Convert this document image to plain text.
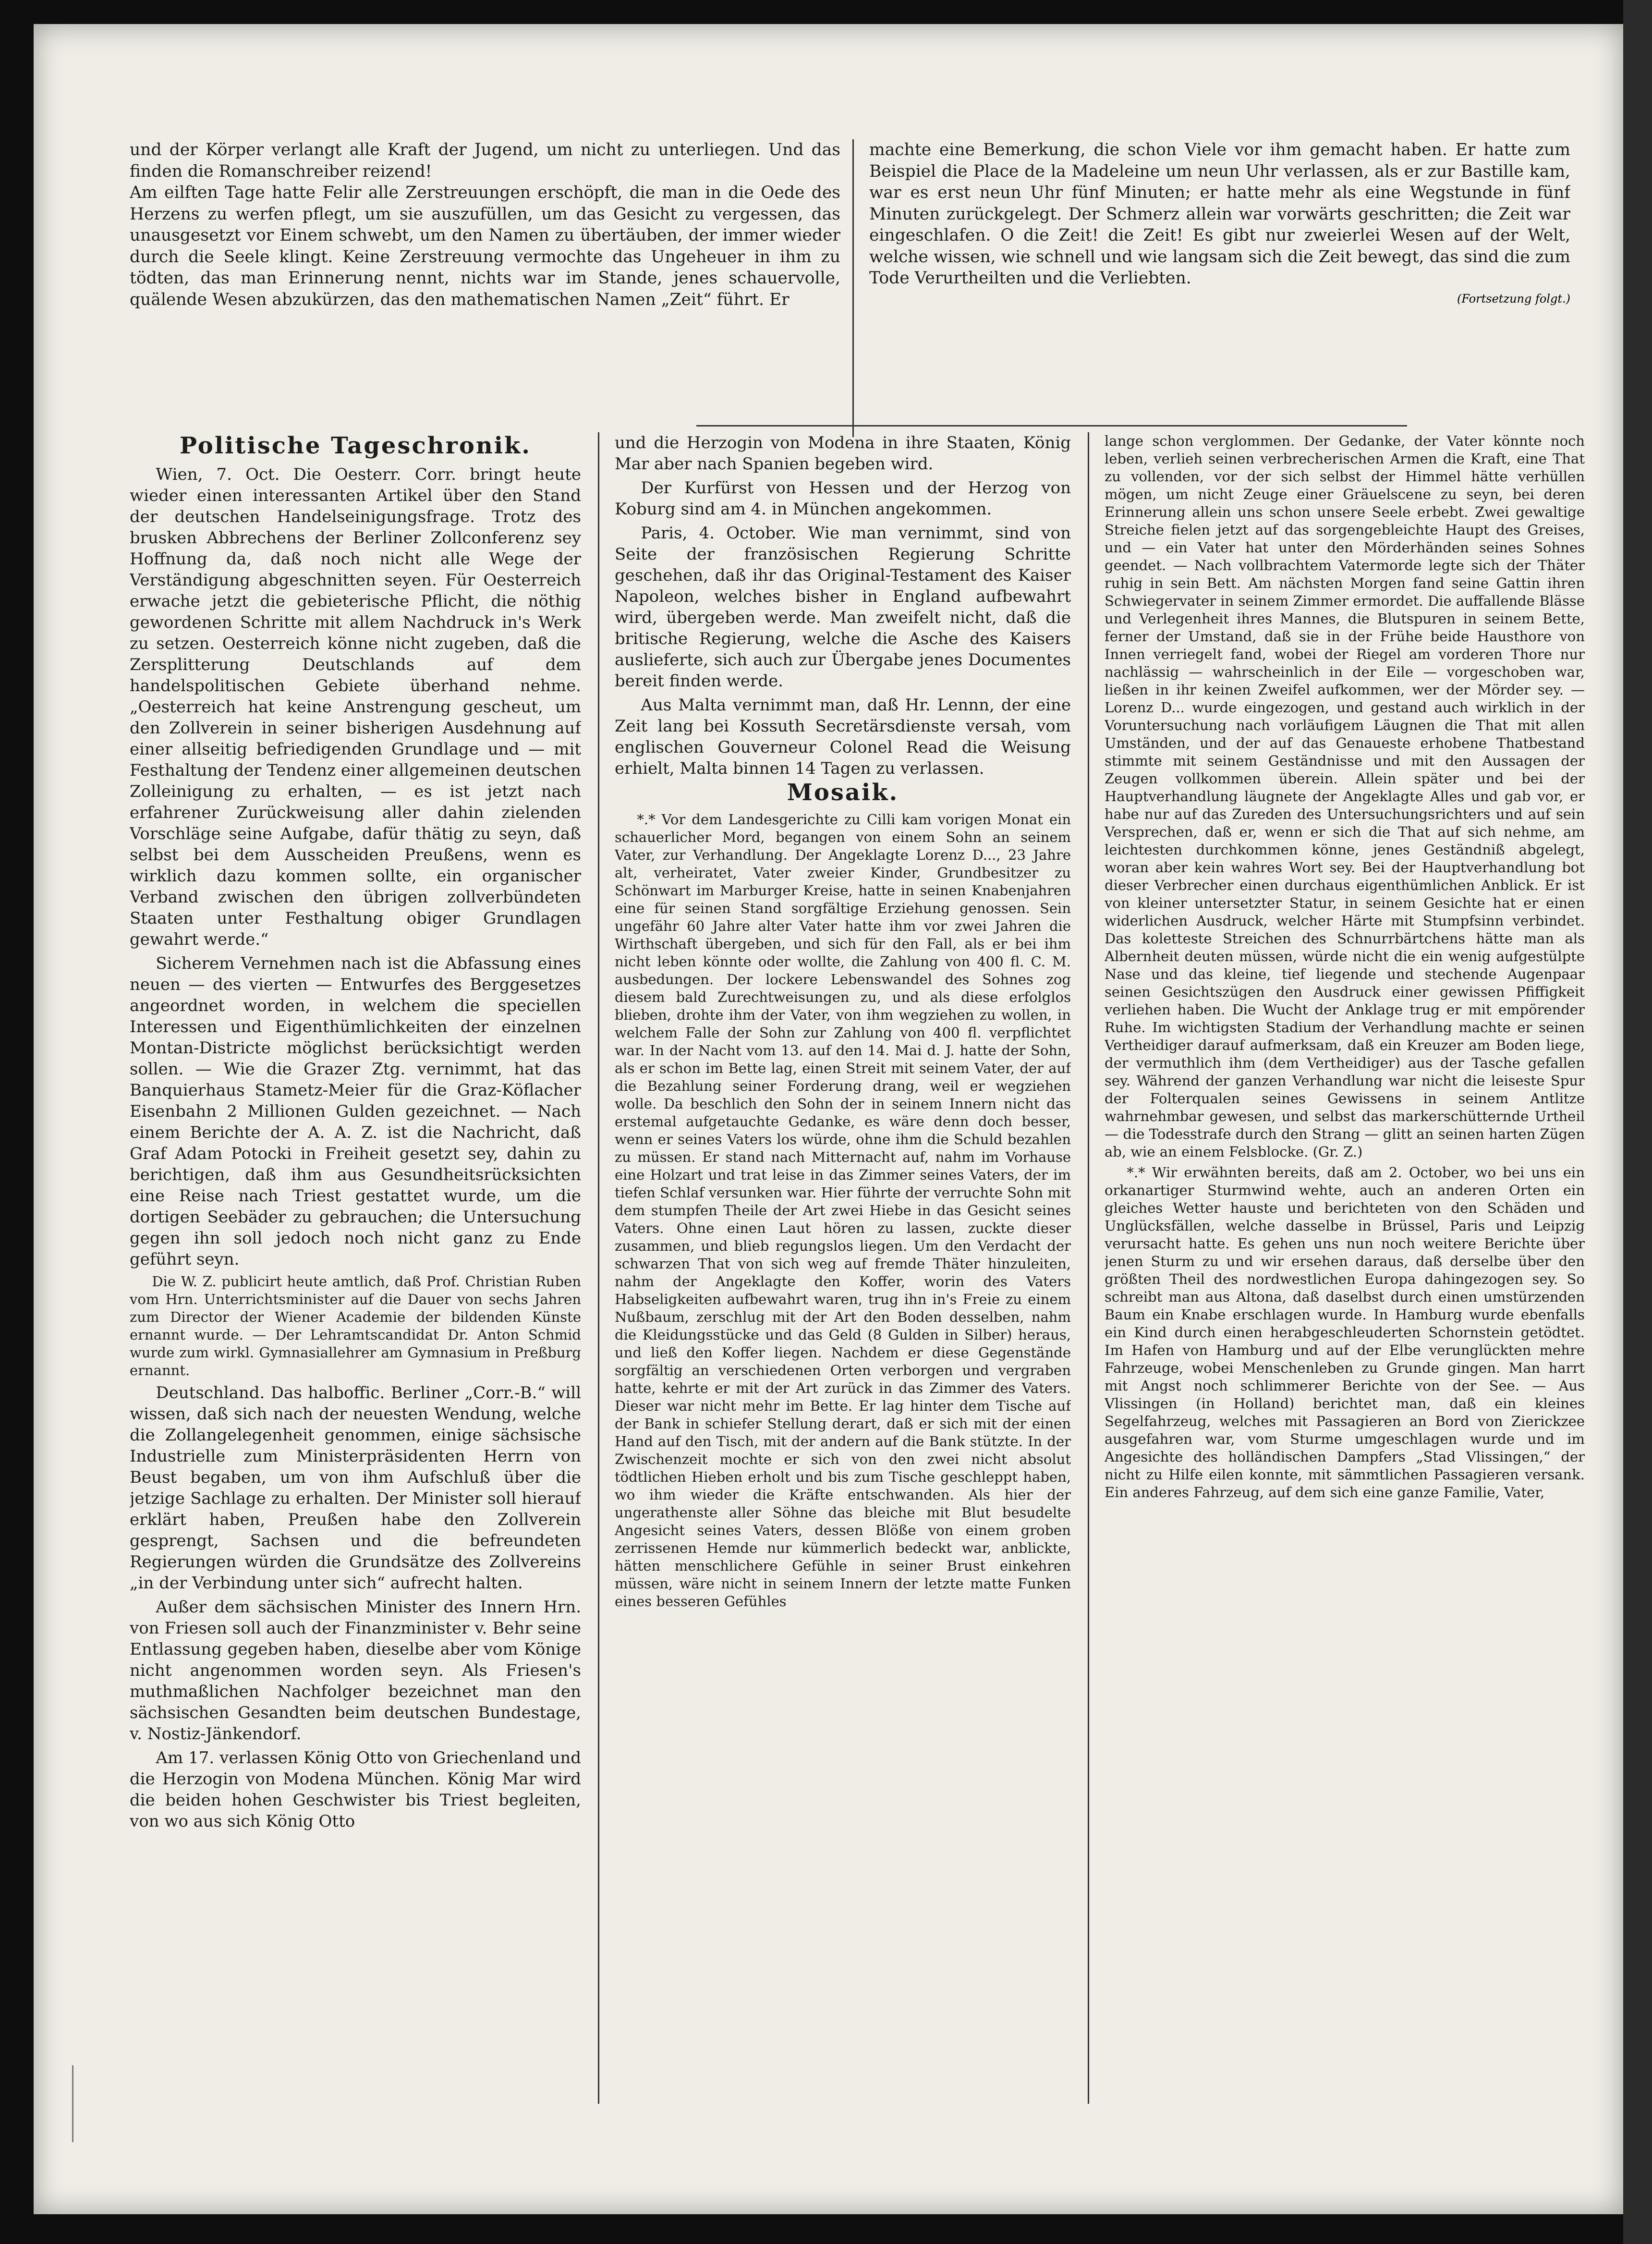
und der Körper verlangt alle Kraft der Jugend, um nicht zu unterliegen. Und das finden die Romanschreiber reizend!
Am eilften Tage hatte Felir alle Zerstreuungen erschöpft, die man in die Oede des Herzens zu werfen pflegt, um sie auszufüllen, um das Gesicht zu vergessen, das unausgesetzt vor Einem schwebt, um den Namen zu übertäuben, der immer wieder durch die Seele klingt. Keine Zerstreuung vermochte das Ungeheuer in ihm zu tödten, das man Erinnerung nennt, nichts war im Stande, jenes schauervolle, quälende Wesen abzukürzen, das den mathematischen Namen „Zeit“ führt. Er

machte eine Bemerkung, die schon Viele vor ihm gemacht haben. Er hatte zum Beispiel die Place de la Madeleine um neun Uhr verlassen, als er zur Bastille kam, war es erst neun Uhr fünf Minuten; er hatte mehr als eine Wegstunde in fünf Minuten zurückgelegt. Der Schmerz allein war vorwärts geschritten; die Zeit war eingeschlafen. O die Zeit! die Zeit! Es gibt nur zweierlei Wesen auf der Welt, welche wissen, wie schnell und wie langsam sich die Zeit bewegt, das sind die zum Tode Verurtheilten und die Verliebten.

(Fortsetzung folgt.)
Politische Tageschronik.

Wien, 7. Oct. Die Oesterr. Corr. bringt heute wieder einen interessanten Artikel über den Stand der deutschen Handelseinigungsfrage. Trotz des brusken Abbrechens der Berliner Zollconferenz sey Hoffnung da, daß noch nicht alle Wege der Verständigung abgeschnitten seyen. Für Oesterreich erwache jetzt die gebieterische Pflicht, die nöthig gewordenen Schritte mit allem Nachdruck in's Werk zu setzen. Oesterreich könne nicht zugeben, daß die Zersplitterung Deutschlands auf dem handelspolitischen Gebiete überhand nehme. „Oesterreich hat keine Anstrengung gescheut, um den Zollverein in seiner bisherigen Ausdehnung auf einer allseitig befriedigenden Grundlage und — mit Festhaltung der Tendenz einer allgemeinen deutschen Zolleinigung zu erhalten, — es ist jetzt nach erfahrener Zurückweisung aller dahin zielenden Vorschläge seine Aufgabe, dafür thätig zu seyn, daß selbst bei dem Ausscheiden Preußens, wenn es wirklich dazu kommen sollte, ein organischer Verband zwischen den übrigen zollverbündeten Staaten unter Festhaltung obiger Grundlagen gewahrt werde.“

Sicherem Vernehmen nach ist die Abfassung eines neuen — des vierten — Entwurfes des Berggesetzes angeordnet worden, in welchem die speciellen Interessen und Eigenthümlichkeiten der einzelnen Montan-Districte möglichst berücksichtigt werden sollen. — Wie die Grazer Ztg. vernimmt, hat das Banquierhaus Stametz-Meier für die Graz-Köflacher Eisenbahn 2 Millionen Gulden gezeichnet. — Nach einem Berichte der A. A. Z. ist die Nachricht, daß Graf Adam Potocki in Freiheit gesetzt sey, dahin zu berichtigen, daß ihm aus Gesundheitsrücksichten eine Reise nach Triest gestattet wurde, um die dortigen Seebäder zu gebrauchen; die Untersuchung gegen ihn soll jedoch noch nicht ganz zu Ende geführt seyn.

Die W. Z. publicirt heute amtlich, daß Prof. Christian Ruben vom Hrn. Unterrichtsminister auf die Dauer von sechs Jahren zum Director der Wiener Academie der bildenden Künste ernannt wurde. — Der Lehramtscandidat Dr. Anton Schmid wurde zum wirkl. Gymnasiallehrer am Gymnasium in Preßburg ernannt.

Deutschland. Das halboffic. Berliner „Corr.-B.“ will wissen, daß sich nach der neuesten Wendung, welche die Zollangelegenheit genommen, einige sächsische Industrielle zum Ministerpräsidenten Herrn von Beust begaben, um von ihm Aufschluß über die jetzige Sachlage zu erhalten. Der Minister soll hierauf erklärt haben, Preußen habe den Zollverein gesprengt, Sachsen und die befreundeten Regierungen würden die Grundsätze des Zollvereins „in der Verbindung unter sich“ aufrecht halten.

Außer dem sächsischen Minister des Innern Hrn. von Friesen soll auch der Finanzminister v. Behr seine Entlassung gegeben haben, dieselbe aber vom Könige nicht angenommen worden seyn. Als Friesen's muthmaßlichen Nachfolger bezeichnet man den sächsischen Gesandten beim deutschen Bundestage, v. Nostiz-Jänkendorf.

Am 17. verlassen König Otto von Griechenland und die Herzogin von Modena München. König Mar wird die beiden hohen Geschwister bis Triest begleiten, von wo aus sich König Otto

und die Herzogin von Modena in ihre Staaten, König Mar aber nach Spanien begeben wird.

Der Kurfürst von Hessen und der Herzog von Koburg sind am 4. in München angekommen.

Paris, 4. October. Wie man vernimmt, sind von Seite der französischen Regierung Schritte geschehen, daß ihr das Original-Testament des Kaiser Napoleon, welches bisher in England aufbewahrt wird, übergeben werde. Man zweifelt nicht, daß die britische Regierung, welche die Asche des Kaisers auslieferte, sich auch zur Übergabe jenes Documentes bereit finden werde.

Aus Malta vernimmt man, daß Hr. Lennn, der eine Zeit lang bei Kossuth Secretärsdienste versah, vom englischen Gouverneur Colonel Read die Weisung erhielt, Malta binnen 14 Tagen zu verlassen.

Mosaik.

*.* Vor dem Landesgerichte zu Cilli kam vorigen Monat ein schauerlicher Mord, begangen von einem Sohn an seinem Vater, zur Verhandlung. Der Angeklagte Lorenz D..., 23 Jahre alt, verheiratet, Vater zweier Kinder, Grundbesitzer zu Schönwart im Marburger Kreise, hatte in seinen Knabenjahren eine für seinen Stand sorgfältige Erziehung genossen. Sein ungefähr 60 Jahre alter Vater hatte ihm vor zwei Jahren die Wirthschaft übergeben, und sich für den Fall, als er bei ihm nicht leben könnte oder wollte, die Zahlung von 400 fl. C. M. ausbedungen. Der lockere Lebenswandel des Sohnes zog diesem bald Zurechtweisungen zu, und als diese erfolglos blieben, drohte ihm der Vater, von ihm wegziehen zu wollen, in welchem Falle der Sohn zur Zahlung von 400 fl. verpflichtet war. In der Nacht vom 13. auf den 14. Mai d. J. hatte der Sohn, als er schon im Bette lag, einen Streit mit seinem Vater, der auf die Bezahlung seiner Forderung drang, weil er wegziehen wolle. Da beschlich den Sohn der in seinem Innern nicht das erstemal aufgetauchte Gedanke, es wäre denn doch besser, wenn er seines Vaters los würde, ohne ihm die Schuld bezahlen zu müssen. Er stand nach Mitternacht auf, nahm im Vorhause eine Holzart und trat leise in das Zimmer seines Vaters, der im tiefen Schlaf versunken war. Hier führte der verruchte Sohn mit dem stumpfen Theile der Art zwei Hiebe in das Gesicht seines Vaters. Ohne einen Laut hören zu lassen, zuckte dieser zusammen, und blieb regungslos liegen. Um den Verdacht der schwarzen That von sich weg auf fremde Thäter hinzuleiten, nahm der Angeklagte den Koffer, worin des Vaters Habseligkeiten aufbewahrt waren, trug ihn in's Freie zu einem Nußbaum, zerschlug mit der Art den Boden desselben, nahm die Kleidungsstücke und das Geld (8 Gulden in Silber) heraus, und ließ den Koffer liegen. Nachdem er diese Gegenstände sorgfältig an verschiedenen Orten verborgen und vergraben hatte, kehrte er mit der Art zurück in das Zimmer des Vaters. Dieser war nicht mehr im Bette. Er lag hinter dem Tische auf der Bank in schiefer Stellung derart, daß er sich mit der einen Hand auf den Tisch, mit der andern auf die Bank stützte. In der Zwischenzeit mochte er sich von den zwei nicht absolut tödtlichen Hieben erholt und bis zum Tische geschleppt haben, wo ihm wieder die Kräfte entschwanden. Als hier der ungerathenste aller Söhne das bleiche mit Blut besudelte Angesicht seines Vaters, dessen Blöße von einem groben zerrissenen Hemde nur kümmerlich bedeckt war, anblickte, hätten menschlichere Gefühle in seiner Brust einkehren müssen, wäre nicht in seinem Innern der letzte matte Funken eines besseren Gefühles

lange schon verglommen. Der Gedanke, der Vater könnte noch leben, verlieh seinen verbrecherischen Armen die Kraft, eine That zu vollenden, vor der sich selbst der Himmel hätte verhüllen mögen, um nicht Zeuge einer Gräuelscene zu seyn, bei deren Erinnerung allein uns schon unsere Seele erbebt. Zwei gewaltige Streiche fielen jetzt auf das sorgengebleichte Haupt des Greises, und — ein Vater hat unter den Mörderhänden seines Sohnes geendet. — Nach vollbrachtem Vatermorde legte sich der Thäter ruhig in sein Bett. Am nächsten Morgen fand seine Gattin ihren Schwiegervater in seinem Zimmer ermordet. Die auffallende Blässe und Verlegenheit ihres Mannes, die Blutspuren in seinem Bette, ferner der Umstand, daß sie in der Frühe beide Hausthore von Innen verriegelt fand, wobei der Riegel am vorderen Thore nur nachlässig — wahrscheinlich in der Eile — vorgeschoben war, ließen in ihr keinen Zweifel aufkommen, wer der Mörder sey. — Lorenz D... wurde eingezogen, und gestand auch wirklich in der Voruntersuchung nach vorläufigem Läugnen die That mit allen Umständen, und der auf das Genaueste erhobene Thatbestand stimmte mit seinem Geständnisse und mit den Aussagen der Zeugen vollkommen überein. Allein später und bei der Hauptverhandlung läugnete der Angeklagte Alles und gab vor, er habe nur auf das Zureden des Untersuchungsrichters und auf sein Versprechen, daß er, wenn er sich die That auf sich nehme, am leichtesten durchkommen könne, jenes Geständniß abgelegt, woran aber kein wahres Wort sey. Bei der Hauptverhandlung bot dieser Verbrecher einen durchaus eigenthümlichen Anblick. Er ist von kleiner untersetzter Statur, in seinem Gesichte hat er einen widerlichen Ausdruck, welcher Härte mit Stumpfsinn verbindet. Das koletteste Streichen des Schnurrbärtchens hätte man als Albernheit deuten müssen, würde nicht die ein wenig aufgestülpte Nase und das kleine, tief liegende und stechende Augenpaar seinen Gesichtszügen den Ausdruck einer gewissen Pfiffigkeit verliehen haben. Die Wucht der Anklage trug er mit empörender Ruhe. Im wichtigsten Stadium der Verhandlung machte er seinen Vertheidiger darauf aufmerksam, daß ein Kreuzer am Boden liege, der vermuthlich ihm (dem Vertheidiger) aus der Tasche gefallen sey. Während der ganzen Verhandlung war nicht die leiseste Spur der Folterqualen seines Gewissens in seinem Antlitze wahrnehmbar gewesen, und selbst das markerschütternde Urtheil — die Todesstrafe durch den Strang — glitt an seinen harten Zügen ab, wie an einem Felsblocke. (Gr. Z.)

*.* Wir erwähnten bereits, daß am 2. October, wo bei uns ein orkanartiger Sturmwind wehte, auch an anderen Orten ein gleiches Wetter hauste und berichteten von den Schäden und Unglücksfällen, welche dasselbe in Brüssel, Paris und Leipzig verursacht hatte. Es gehen uns nun noch weitere Berichte über jenen Sturm zu und wir ersehen daraus, daß derselbe über den größten Theil des nordwestlichen Europa dahingezogen sey. So schreibt man aus Altona, daß daselbst durch einen umstürzenden Baum ein Knabe erschlagen wurde. In Hamburg wurde ebenfalls ein Kind durch einen herabgeschleuderten Schornstein getödtet. Im Hafen von Hamburg und auf der Elbe verunglückten mehre Fahrzeuge, wobei Menschenleben zu Grunde gingen. Man harrt mit Angst noch schlimmerer Berichte von der See. — Aus Vlissingen (in Holland) berichtet man, daß ein kleines Segelfahrzeug, welches mit Passagieren an Bord von Zierickzee ausgefahren war, vom Sturme umgeschlagen wurde und im Angesichte des holländischen Dampfers „Stad Vlissingen,“ der nicht zu Hilfe eilen konnte, mit sämmtlichen Passagieren versank. Ein anderes Fahrzeug, auf dem sich eine ganze Familie, Vater,
